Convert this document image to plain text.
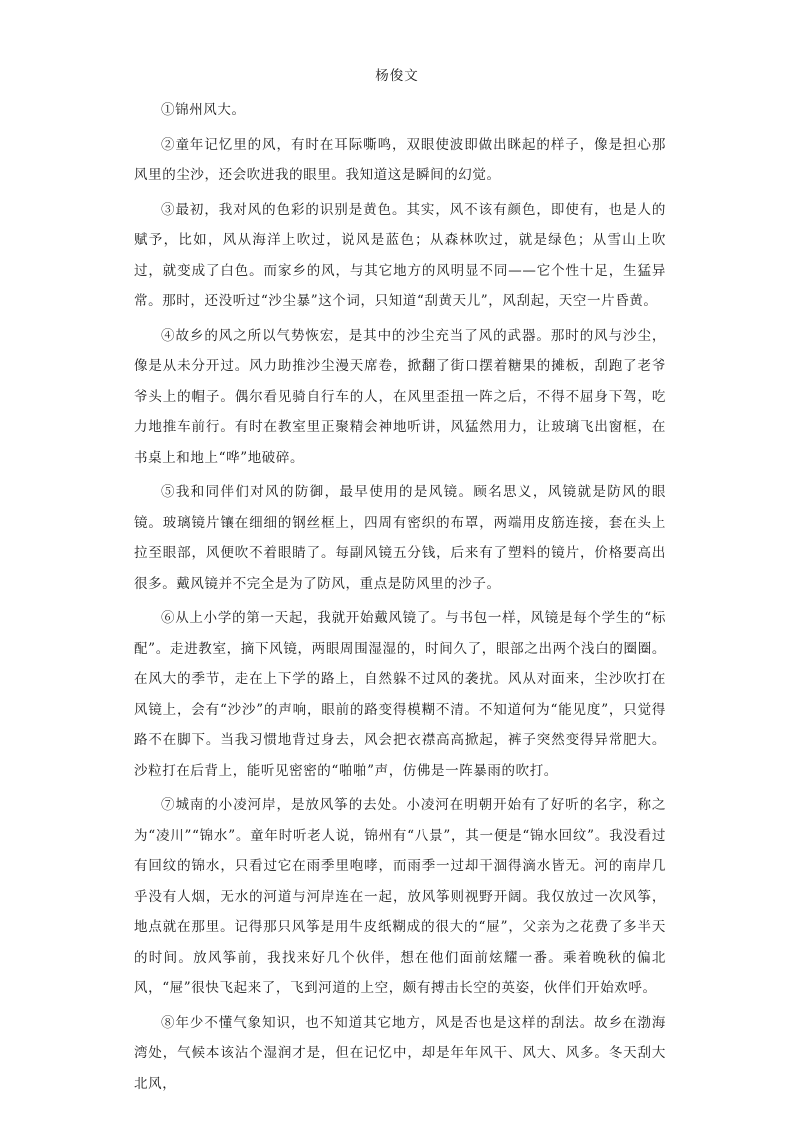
杨俊文

①锦州风大。

②童年记忆里的风，有时在耳际嘶鸣，双眼使波即做出眯起的样子，像是担心那风里的尘沙，还会吹进我的眼里。我知道这是瞬间的幻觉。

③最初，我对风的色彩的识别是黄色。其实，风不该有颜色，即使有，也是人的赋予，比如，风从海洋上吹过，说风是蓝色；从森林吹过，就是绿色；从雪山上吹过，就变成了白色。而家乡的风，与其它地方的风明显不同——它个性十足，生猛异常。那时，还没听过“沙尘暴”这个词，只知道“刮黄天儿”，风刮起，天空一片昏黄。

④故乡的风之所以气势恢宏，是其中的沙尘充当了风的武器。那时的风与沙尘，像是从未分开过。风力助推沙尘漫天席卷，掀翻了街口摆着糖果的摊板，刮跑了老爷爷头上的帽子。偶尔看见骑自行车的人，在风里歪扭一阵之后，不得不屈身下驾，吃力地推车前行。有时在教室里正聚精会神地听讲，风猛然用力，让玻璃飞出窗框，在书桌上和地上“哗”地破碎。

⑤我和同伴们对风的防御，最早使用的是风镜。顾名思义，风镜就是防风的眼镜。玻璃镜片镶在细细的钢丝框上，四周有密织的布罩，两端用皮筋连接，套在头上拉至眼部，风便吹不着眼睛了。每副风镜五分钱，后来有了塑料的镜片，价格要高出很多。戴风镜并不完全是为了防风，重点是防风里的沙子。

⑥从上小学的第一天起，我就开始戴风镜了。与书包一样，风镜是每个学生的“标配”。走进教室，摘下风镜，两眼周围湿湿的，时间久了，眼部之出两个浅白的圈圈。在风大的季节，走在上下学的路上，自然躲不过风的袭扰。风从对面来，尘沙吹打在风镜上，会有“沙沙”的声响，眼前的路变得模糊不清。不知道何为“能见度”，只觉得路不在脚下。当我习惯地背过身去，风会把衣襟高高掀起，裤子突然变得异常肥大。沙粒打在后背上，能听见密密的“啪啪”声，仿佛是一阵暴雨的吹打。

⑦城南的小凌河岸，是放风筝的去处。小凌河在明朝开始有了好听的名字，称之为“凌川”“锦水”。童年时听老人说，锦州有“八景”，其一便是“锦水回纹”。我没看过有回纹的锦水，只看过它在雨季里咆哮，而雨季一过却干涸得滴水皆无。河的南岸几乎没有人烟，无水的河道与河岸连在一起，放风筝则视野开阔。我仅放过一次风筝，地点就在那里。记得那只风筝是用牛皮纸糊成的很大的“屉”，父亲为之花费了多半天的时间。放风筝前，我找来好几个伙伴，想在他们面前炫耀一番。乘着晚秋的偏北风，“屉”很快飞起来了，飞到河道的上空，颇有搏击长空的英姿，伙伴们开始欢呼。

⑧年少不懂气象知识，也不知道其它地方，风是否也是这样的刮法。故乡在渤海湾处，气候本该沾个湿润才是，但在记忆中，却是年年风干、风大、风多。冬天刮大北风，
